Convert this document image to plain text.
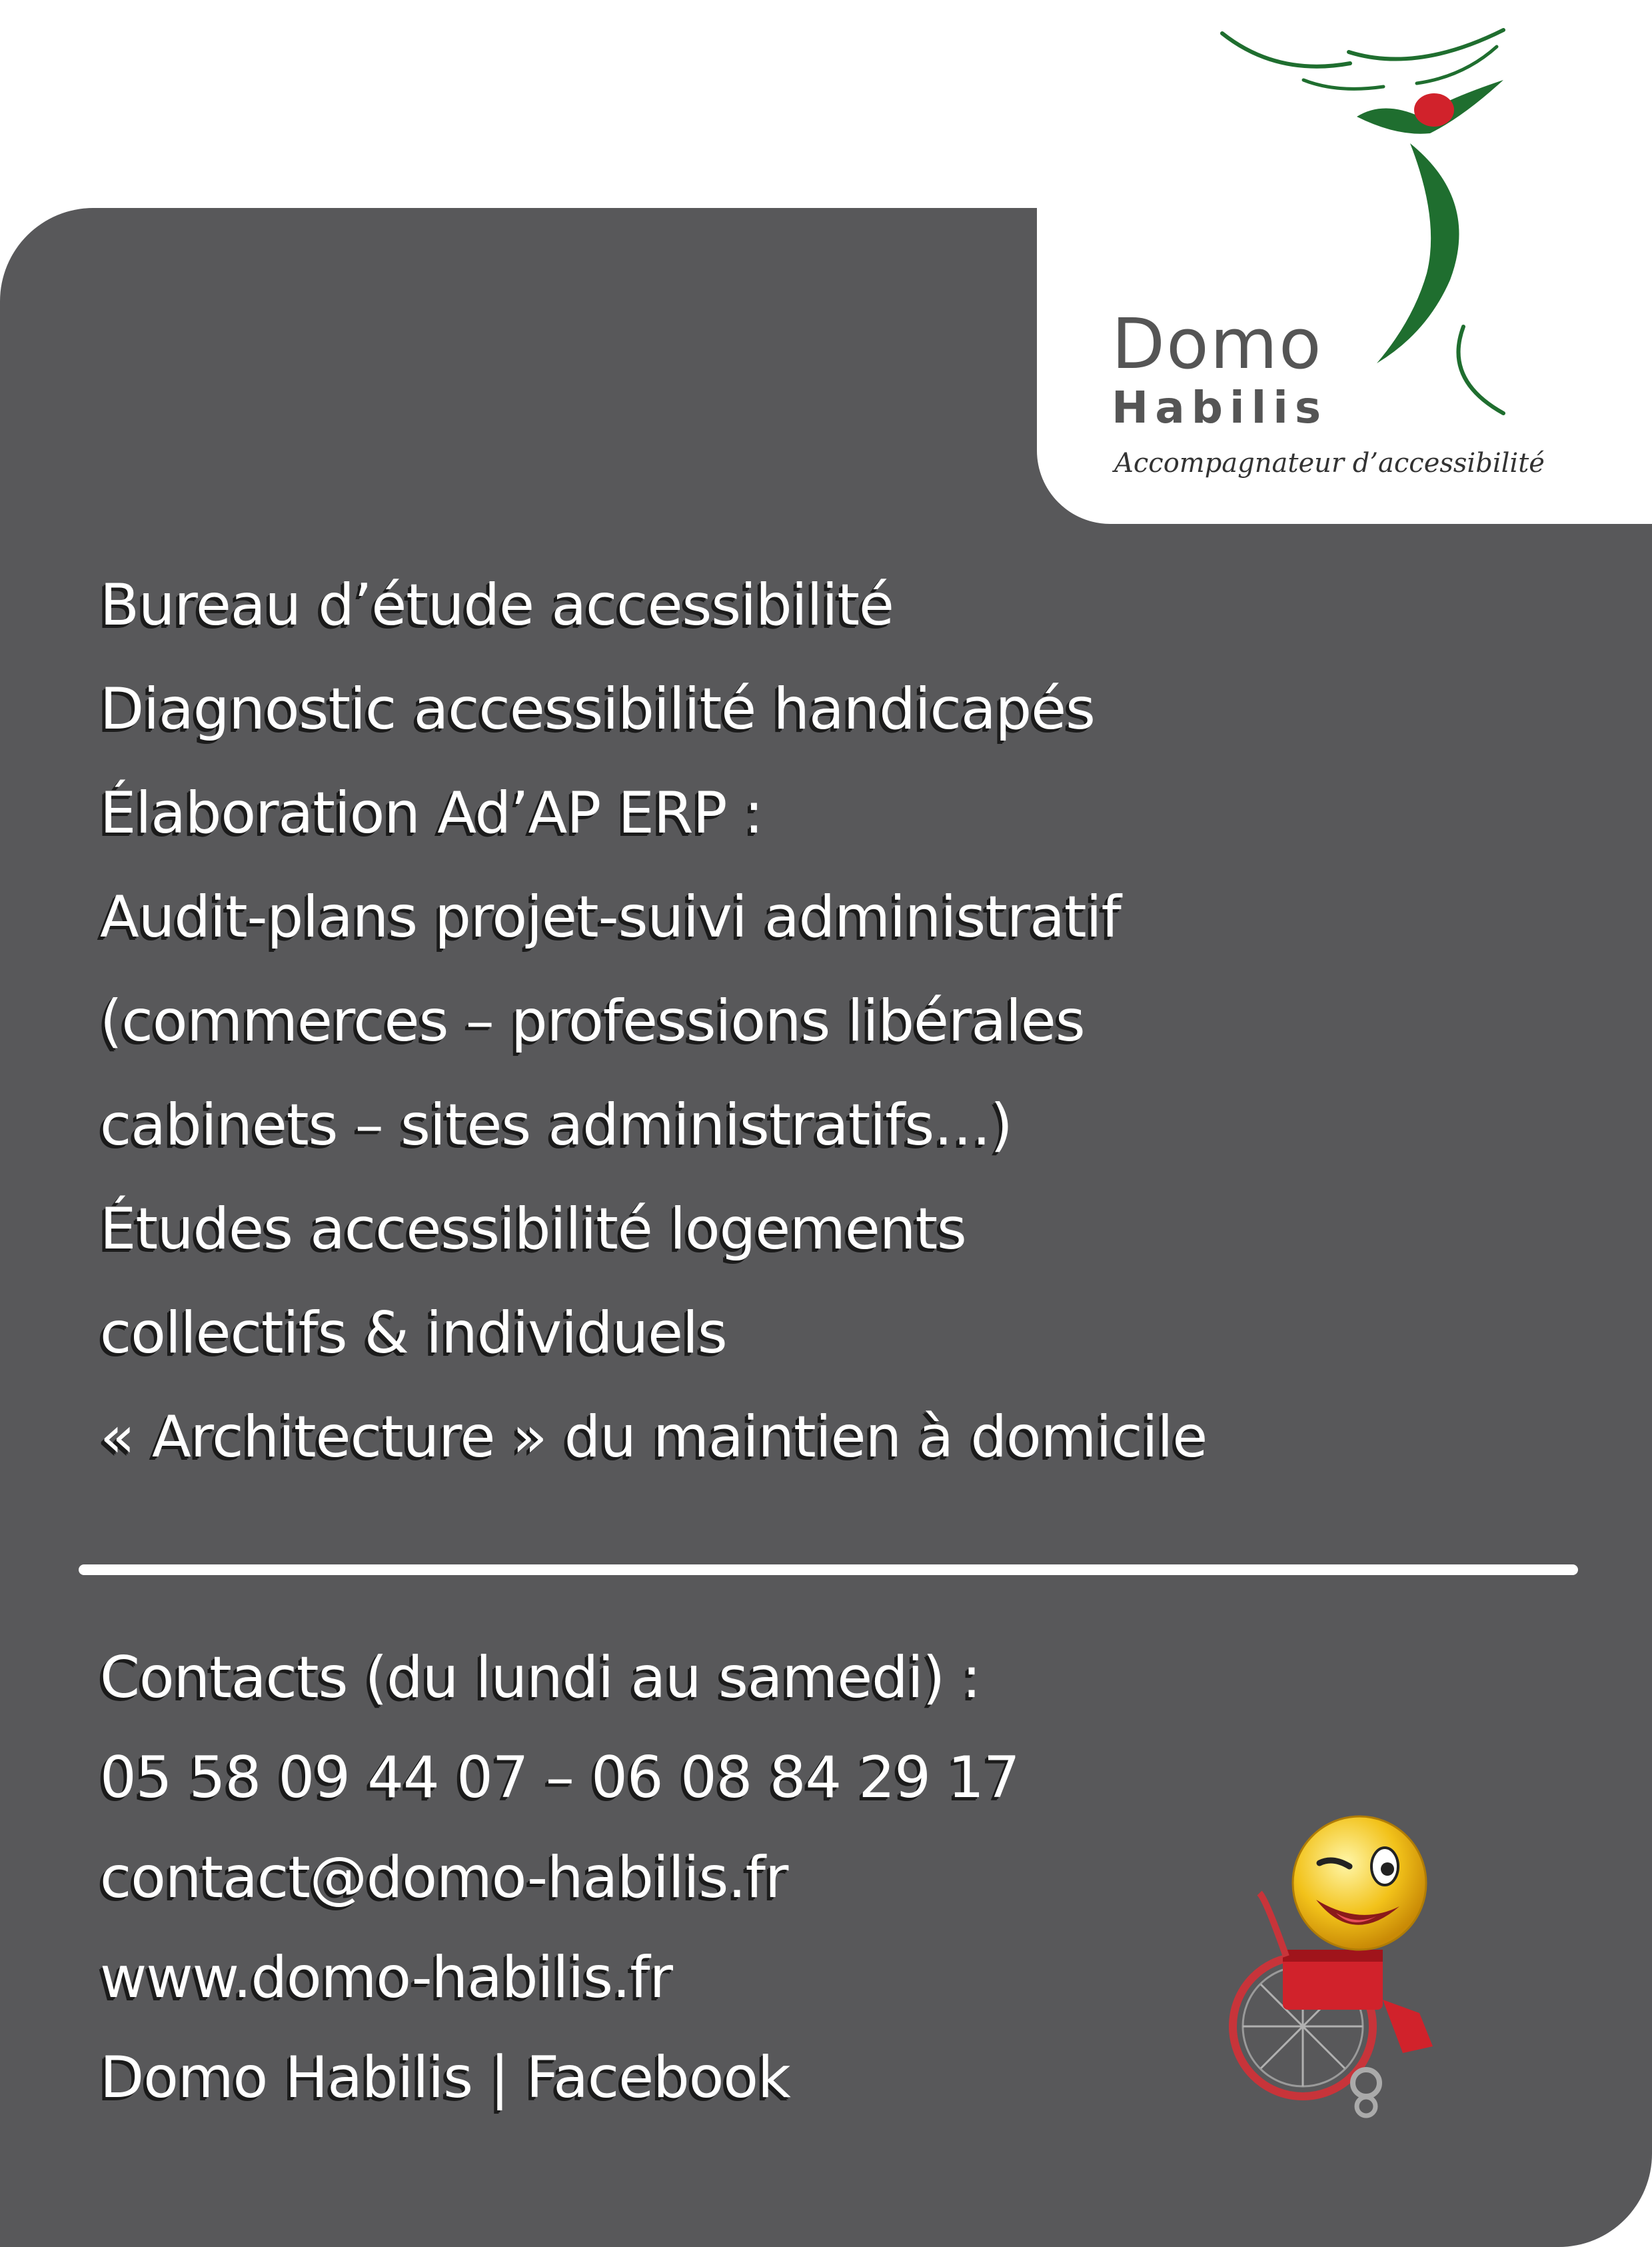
Domo
Habilis
Accompagnateur d’accessibilité
Bureau d’étude accessibilité
Diagnostic accessibilité handicapés
Élaboration Ad’AP ERP :
Audit-plans projet-suivi administratif
(commerces – professions libérales
cabinets – sites administratifs…)
Études accessibilité logements
collectifs & individuels
« Architecture » du maintien à domicile
Contacts (du lundi au samedi) :
05 58 09 44 07 – 06 08 84 29 17
contact@domo-habilis.fr
www.domo-habilis.fr
Domo Habilis | Facebook
